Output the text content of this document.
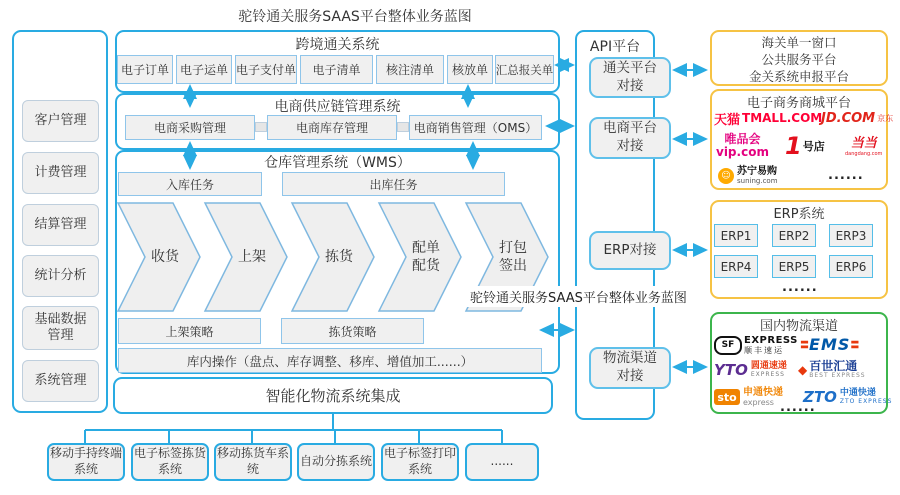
驼铃通关服务SAAS平台整体业务蓝图
客户管理
计费管理
结算管理
统计分析
基础数据管理
系统管理
跨境通关系统
电子订单 电子运单 电子支付单	电子清单	核注清单	核放单 汇总报关单
电商供应链管理系统
电商采购管理	电商库存管理	电商销售管理（OMS）
仓库管理系统（WMS）
入库任务	出库任务
收货	上架	拣货
配单
配货
打包
签出
上架策略	拣货策略
库内操作（盘点、库存调整、移库、增值加工......）
智能化物流系统集成
API平台
通关平台
对接
电商平台
对接
ERP对接
物流渠道
对接
海关单一窗口
公共服务平台
金关系统申报平台
电子商务商城平台
天猫 TMALL.COM
JD.COM 京东
唯品会
vip.com 1 号店	当当
dangdang.com
☺ 苏宁易购
suning.com	......
ERP系统
ERP1	ERP2	ERP3
ERP4	ERP5	ERP6
......
国内物流渠道
SF EXPRESS
顺丰速运	〓 EMS 〓
YTO 圆通速递
EXPRESS ◆ 百世汇通
BEST EXPRESS
sto 申通快递
express	ZTO 中通快递
ZTO EXPRESS
......
移动手持终端系统
电子标签拣货系统
移动拣货车系统
自动分拣系统
电子标签打印系统
......
驼铃通关服务SAAS平台整体业务蓝图
